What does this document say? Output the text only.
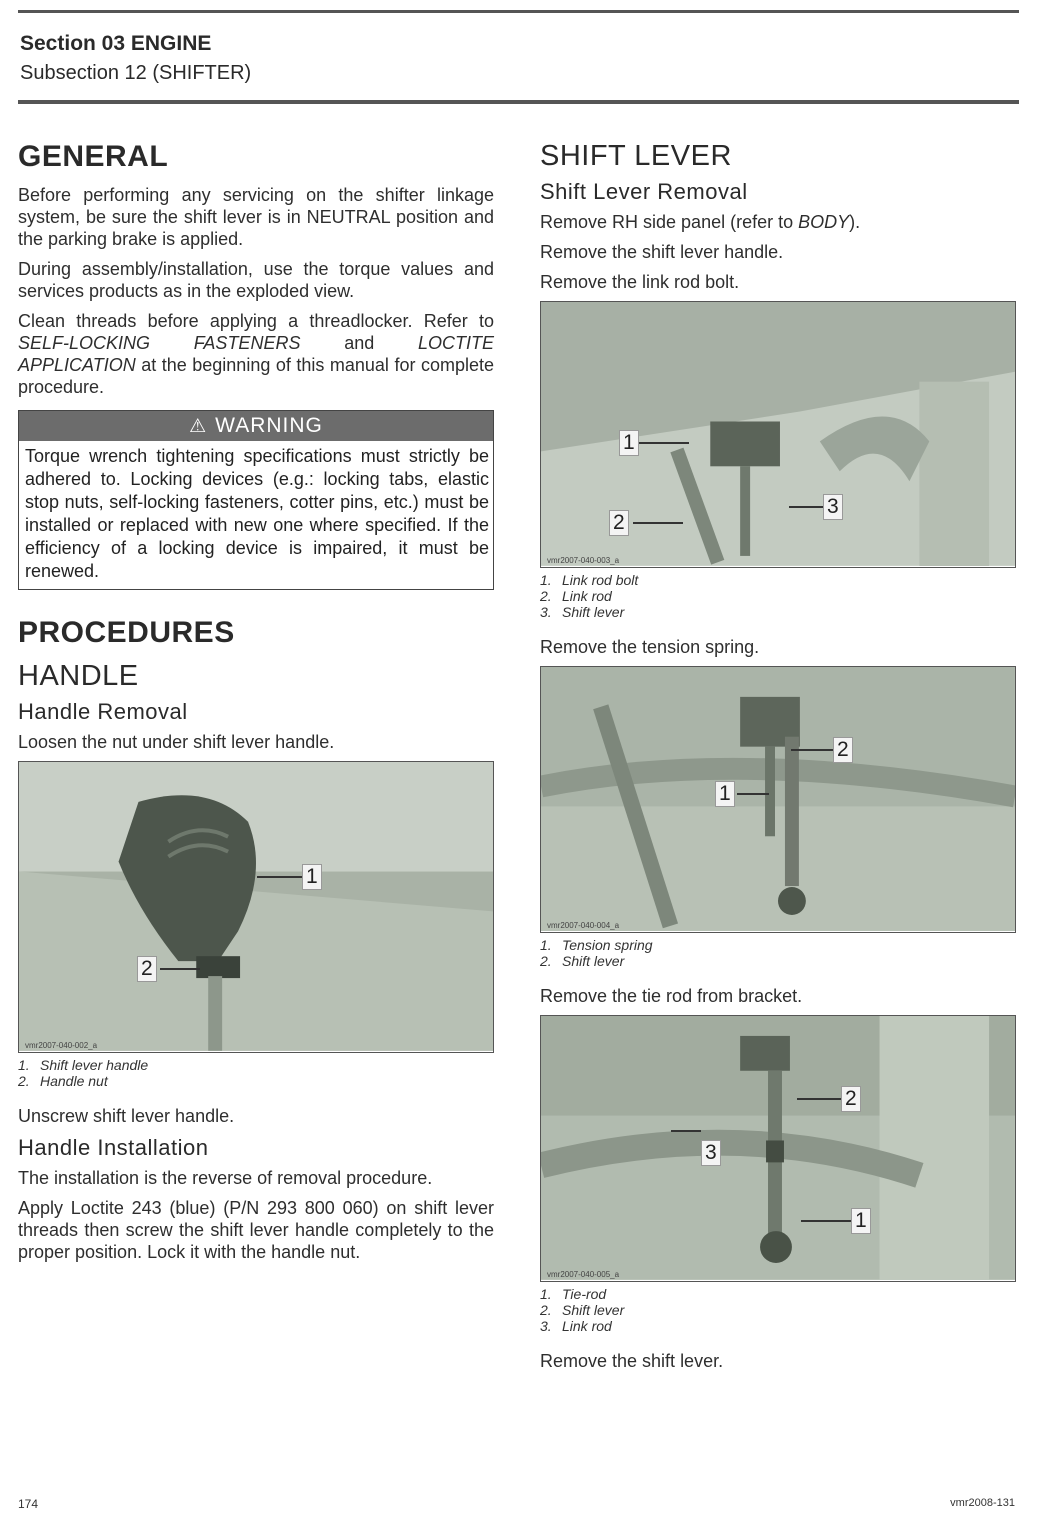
Section 03 ENGINE
Subsection 12 (SHIFTER)
GENERAL

Before performing any servicing on the shifter linkage system, be sure the shift lever is in NEUTRAL position and the parking brake is applied.

During assembly/installation, use the torque values and services products as in the exploded view.

Clean threads before applying a threadlocker. Refer to SELF-LOCKING FASTENERS and LOCTITE APPLICATION at the beginning of this manual for complete procedure.

⚠ WARNING
Torque wrench tightening specifications must strictly be adhered to. Locking devices (e.g.: locking tabs, elastic stop nuts, self-locking fasteners, cotter pins, etc.) must be installed or replaced with new one where specified. If the efficiency of a locking device is impaired, it must be renewed.
PROCEDURES
HANDLE
Handle Removal

Loosen the nut under shift lever handle.

1
2
vmr2007-040-002_a
1. Shift lever handle
2. Handle nut

Unscrew shift lever handle.

Handle Installation

The installation is the reverse of removal procedure.

Apply Loctite 243 (blue) (P/N 293 800 060) on shift lever threads then screw the shift lever handle completely to the proper position. Lock it with the handle nut.

SHIFT LEVER
Shift Lever Removal

Remove RH side panel (refer to BODY).

Remove the shift lever handle.

Remove the link rod bolt.

1
2
3
vmr2007-040-003_a
1. Link rod bolt
2. Link rod
3. Shift lever

Remove the tension spring.

2
1
vmr2007-040-004_a
1. Tension spring
2. Shift lever

Remove the tie rod from bracket.

2
3
1
vmr2007-040-005_a
1. Tie-rod
2. Shift lever
3. Link rod

Remove the shift lever.

174	vmr2008-131
